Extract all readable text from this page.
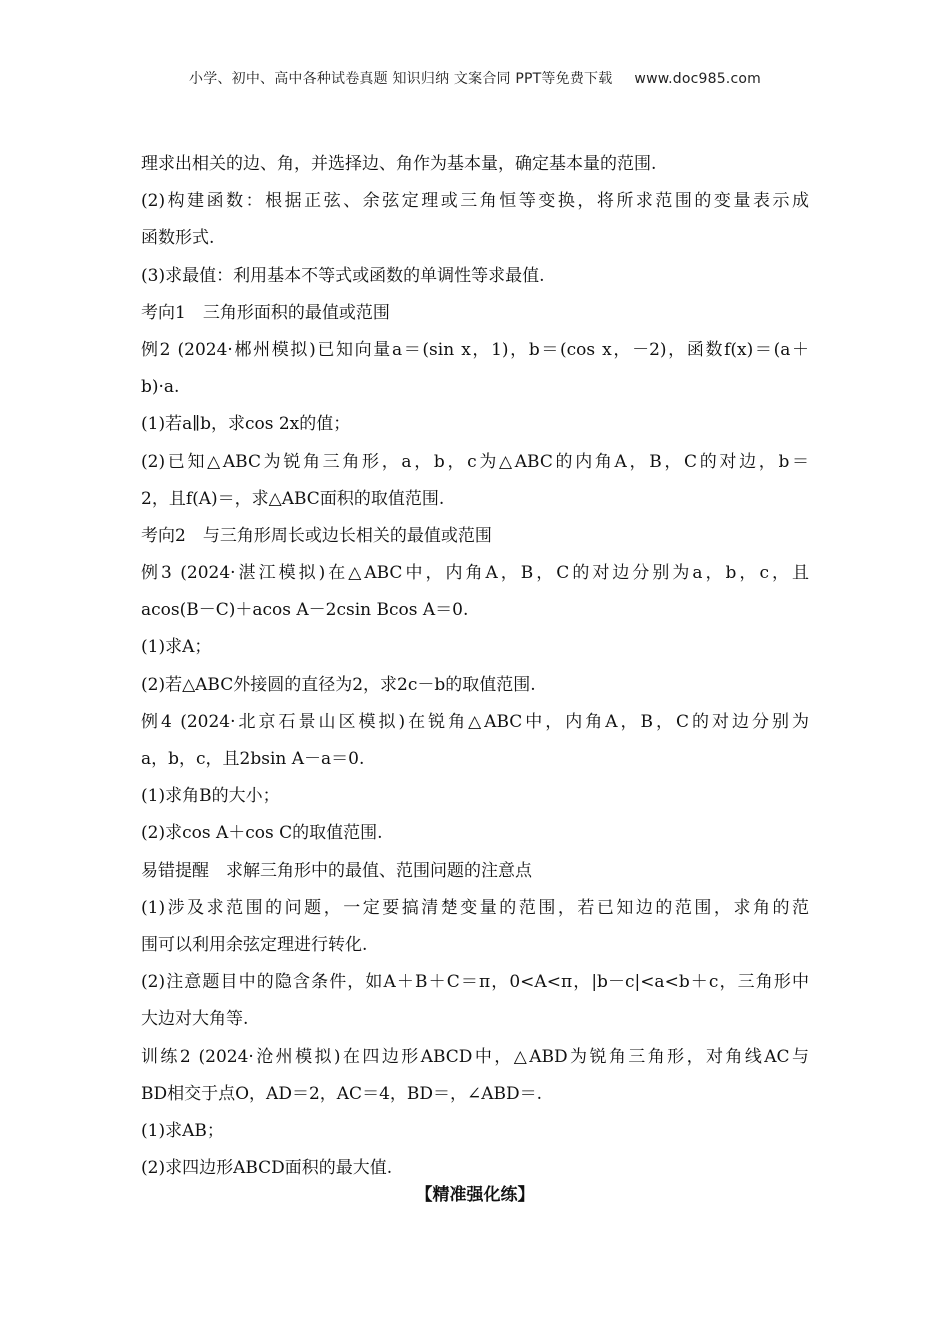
小学、初中、高中各种试卷真题 知识归纳 文案合同 PPT等免费下载 www.doc985.com
理求出相关的边、角，并选择边、角作为基本量，确定基本量的范围.
(2)构建函数：根据正弦、余弦定理或三角恒等变换，将所求范围的变量表示成
函数形式.
(3)求最值：利用基本不等式或函数的单调性等求最值.
考向1　三角形面积的最值或范围
例2 (2024·郴州模拟)已知向量a＝(sin x，1)，b＝(cos x，－2)，函数f(x)＝(a＋
b)·a.
(1)若a∥b，求cos 2x的值；
(2)已知△ABC为锐角三角形，a，b，c为△ABC的内角A，B，C的对边，b＝
2，且f(A)＝，求△ABC面积的取值范围.
考向2　与三角形周长或边长相关的最值或范围
例3 (2024·湛江模拟)在△ABC中，内角A，B，C的对边分别为a，b，c，且
acos(B－C)＋acos A－2csin Bcos A＝0.
(1)求A；
(2)若△ABC外接圆的直径为2，求2c－b的取值范围.
例4 (2024·北京石景山区模拟)在锐角△ABC中，内角A，B，C的对边分别为
a，b，c，且2bsin A－a＝0.
(1)求角B的大小；
(2)求cos A＋cos C的取值范围.
易错提醒　求解三角形中的最值、范围问题的注意点
(1)涉及求范围的问题，一定要搞清楚变量的范围，若已知边的范围，求角的范
围可以利用余弦定理进行转化.
(2)注意题目中的隐含条件，如A＋B＋C＝π，0<A<π，|b－c|<a<b＋c，三角形中
大边对大角等.
训练2 (2024·沧州模拟)在四边形ABCD中，△ABD为锐角三角形，对角线AC与
BD相交于点O，AD＝2，AC＝4，BD＝，∠ABD＝.
(1)求AB；
(2)求四边形ABCD面积的最大值.
【精准强化练】
